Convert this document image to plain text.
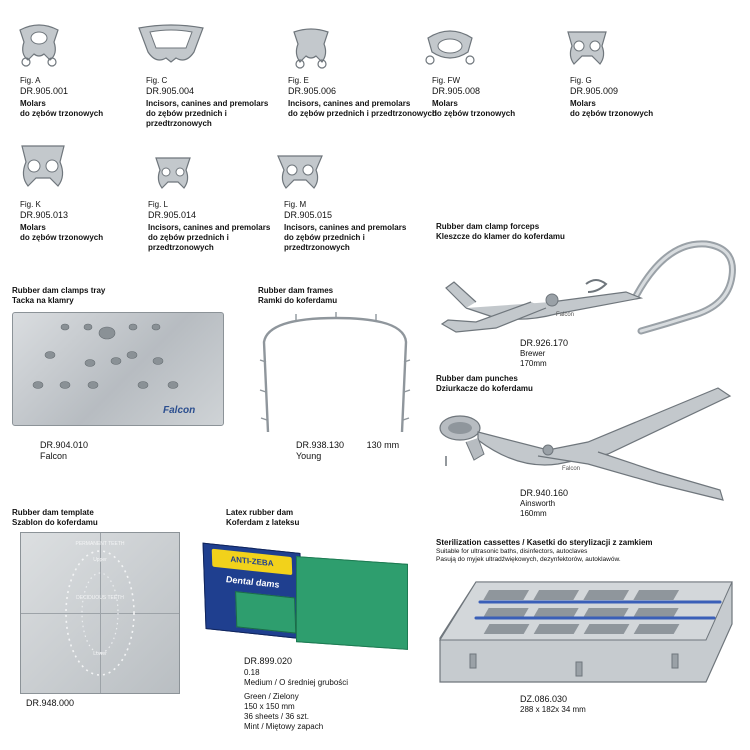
Fig. A
DR.905.001
Molars
do zębów trzonowych
Fig. C
DR.905.004
Incisors, canines and premolars
do zębów przednich i
przedtrzonowych
Fig. E
DR.905.006
Incisors, canines and premolars
do zębów przednich i przedtrzonowych
Fig. FW
DR.905.008
Molars
do zębów trzonowych
Fig. G
DR.905.009
Molars
do zębów trzonowych
Fig. K
DR.905.013
Molars
do zębów trzonowych
Fig. L
DR.905.014
Incisors, canines and premolars
do zębów przednich i
przedtrzonowych
Fig. M
DR.905.015
Incisors, canines and premolars
do zębów przednich i
przedtrzonowych
Rubber dam clamp forceps
Kleszcze do klamer do koferdamu
Falcon
DR.926.170
Brewer
170mm
Rubber dam clamps tray
Tacka na klamry
Falcon
DR.904.010
Falcon
Rubber dam frames
Ramki do koferdamu
DR.938.130	130 mm
Young
Rubber dam punches
Dziurkacze do koferdamu
Falcon
DR.940.160
Ainsworth
160mm
Rubber dam template
Szablon do koferdamu
PERMANENT TEETH
Upper
DECIDUOUS TEETH
Lower
DR.948.000
Latex rubber dam
Koferdam z lateksu
ANTI-ZEBA
Dental dams
DR.899.020
0.18
Medium / O średniej grubości
Green / Zielony
150 x 150 mm
36 sheets / 36 szt.
Mint / Miętowy zapach
Sterilization cassettes / Kasetki do sterylizacji z zamkiem
Suitable for ultrasonic baths, disinfectors, autoclaves
Pasują do myjek ultradźwiękowych, dezynfektorów, autoklawów.
DZ.086.030
288 x 182x 34 mm
